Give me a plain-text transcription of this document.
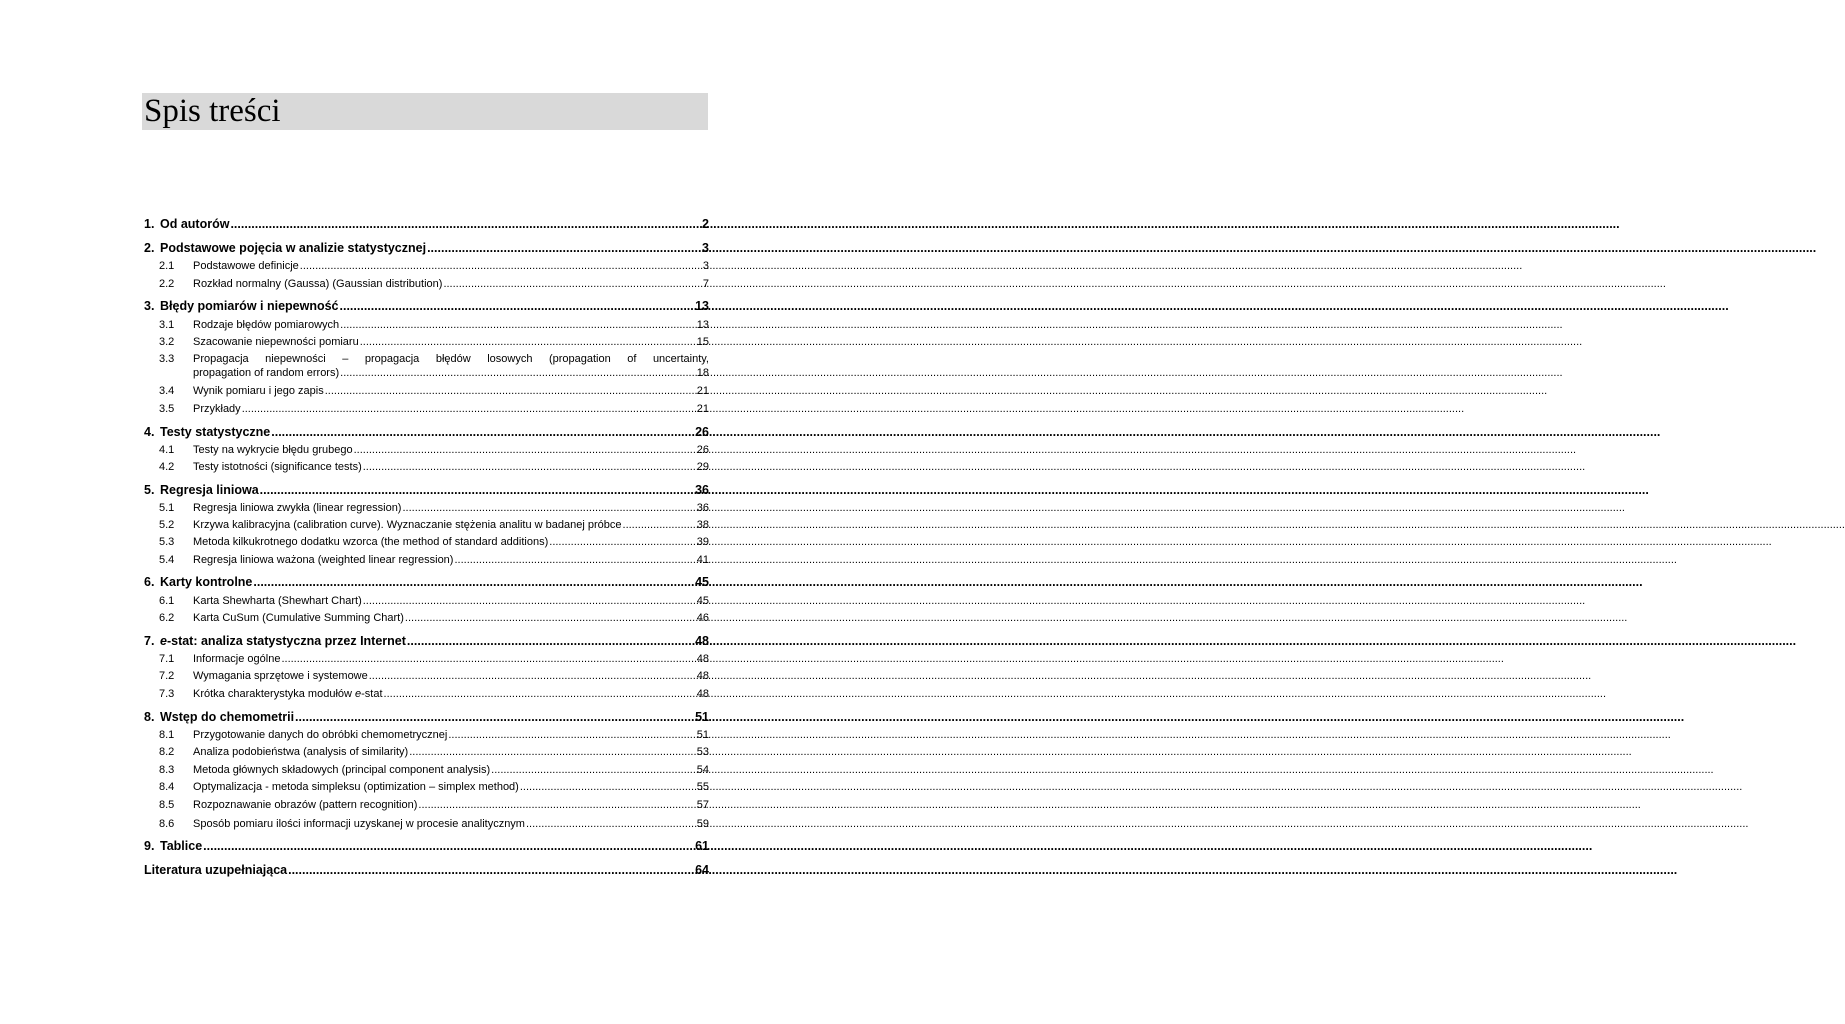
Spis treści
1. Od autorów .....	2
2. Podstawowe pojęcia w analizie statystycznej .....	3
2.1	Podstawowe definicje .....	3
2.2	Rozkład normalny (Gaussa) (Gaussian distribution) .....	7
3. Błędy pomiarów i niepewność .....	13
3.1	Rodzaje błędów pomiarowych .....	13
3.2	Szacowanie niepewności pomiaru .....	15
3.3	Propagacja niepewności – propagacja błędów losowych (propagation of uncertainty,
propagation of random errors) .....	18
3.4	Wynik pomiaru i jego zapis .....	21
3.5	Przykłady .....	21
4. Testy statystyczne .....	26
4.1	Testy na wykrycie błędu grubego .....	26
4.2	Testy istotności (significance tests) .....	29
5. Regresja liniowa .....	36
5.1	Regresja liniowa zwykła (linear regression) .....	36
5.2	Krzywa kalibracyjna (calibration curve). Wyznaczanie stężenia analitu w badanej próbce .....	38
5.3	Metoda kilkukrotnego dodatku wzorca (the method of standard additions) .....	39
5.4	Regresja liniowa ważona (weighted linear regression) .....	41
6. Karty kontrolne .....	45
6.1	Karta Shewharta (Shewhart Chart) .....	45
6.2	Karta CuSum (Cumulative Summing Chart) .....	46
7. e-stat: analiza statystyczna przez Internet .....	48
7.1	Informacje ogólne .....	48
7.2	Wymagania sprzętowe i systemowe .....	48
7.3	Krótka charakterystyka modułów e-stat .....	48
8. Wstęp do chemometrii .....	51
8.1	Przygotowanie danych do obróbki chemometrycznej .....	51
8.2	Analiza podobieństwa (analysis of similarity) .....	53
8.3	Metoda głównych składowych (principal component analysis) .....	54
8.4	Optymalizacja - metoda simpleksu (optimization – simplex method) .....	55
8.5	Rozpoznawanie obrazów (pattern recognition) .....	57
8.6	Sposób pomiaru ilości informacji uzyskanej w procesie analitycznym .....	59
9. Tablice .....	61
Literatura uzupełniająca .....	64
